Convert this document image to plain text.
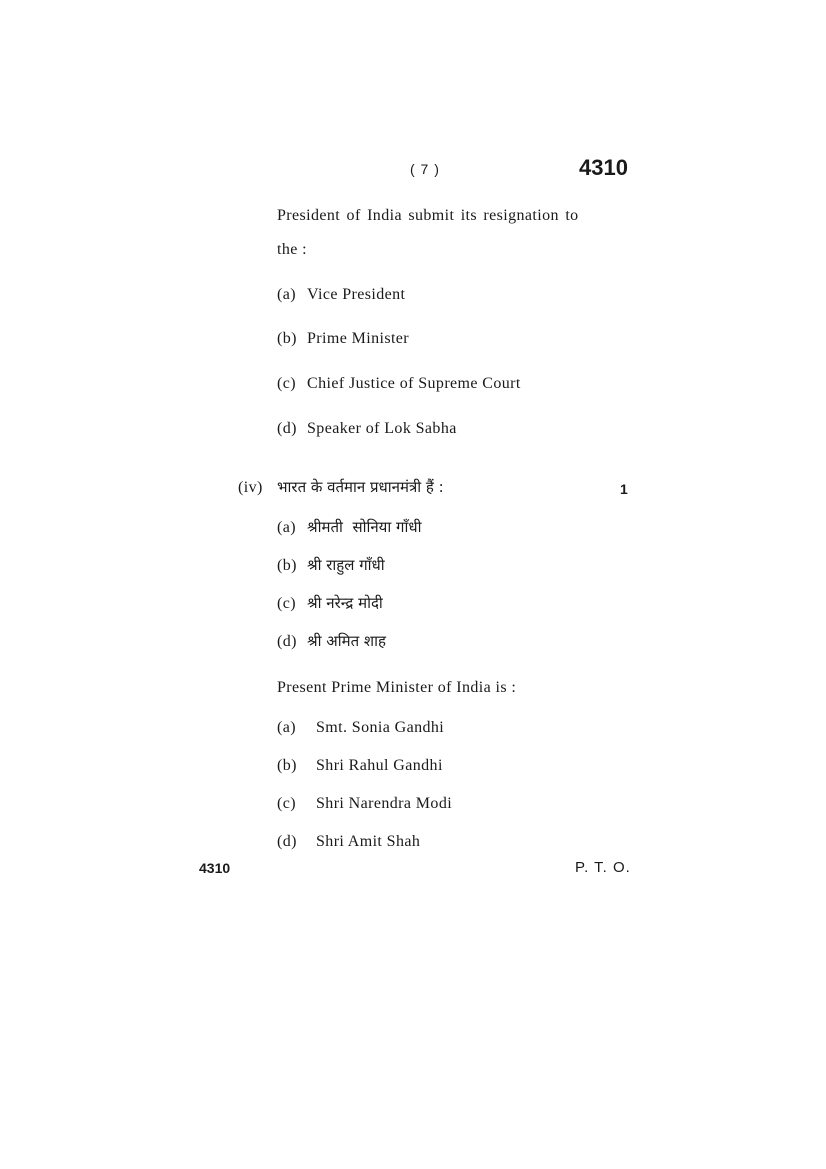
( 7 )	4310
President of India submit its resignation to
the :
(a) Vice President
(b) Prime Minister
(c) Chief Justice of Supreme Court
(d) Speaker of Lok Sabha
(iv) भारत के वर्तमान प्रधानमंत्री हैं :	1
(a) श्रीमती  सोनिया गाँधी
(b) श्री राहुल गाँधी
(c) श्री नरेन्द्र मोदी
(d) श्री अमित शाह
Present Prime Minister of India is :
(a) Smt. Sonia Gandhi
(b) Shri Rahul Gandhi
(c) Shri Narendra Modi
(d) Shri Amit Shah
4310	P. T. O.
